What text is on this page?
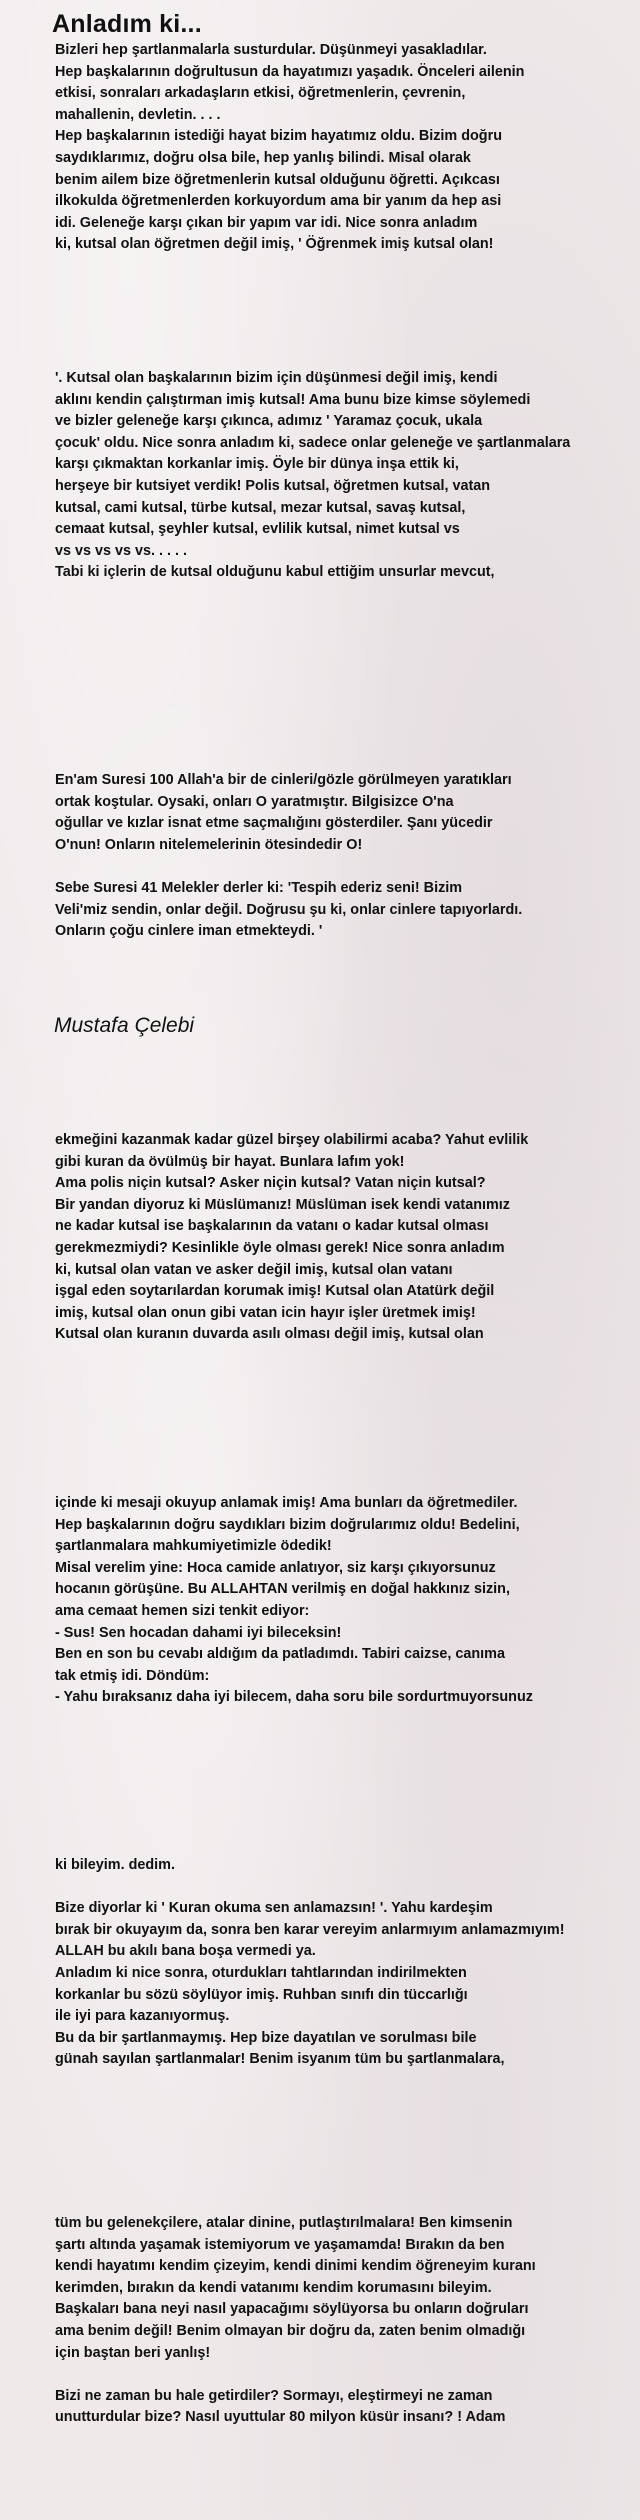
Anladım ki...
Bizleri hep şartlanmalarla susturdular. Düşünmeyi yasakladılar.
Hep başkalarının doğrultusun da hayatımızı yaşadık. Önceleri ailenin
etkisi, sonraları arkadaşların etkisi, öğretmenlerin, çevrenin,
mahallenin, devletin. . . .
Hep başkalarının istediği hayat bizim hayatımız oldu. Bizim doğru
saydıklarımız, doğru olsa bile, hep yanlış bilindi. Misal olarak
benim ailem bize öğretmenlerin kutsal olduğunu öğretti. Açıkcası
ilkokulda öğretmenlerden korkuyordum ama bir yanım da hep asi
idi. Geleneğe karşı çıkan bir yapım var idi. Nice sonra anladım
ki, kutsal olan öğretmen değil imiş, ' Öğrenmek imiş kutsal olan!
'. Kutsal olan başkalarının bizim için düşünmesi değil imiş, kendi
aklını kendin çalıştırman imiş kutsal! Ama bunu bize kimse söylemedi
ve bizler geleneğe karşı çıkınca, adımız ' Yaramaz çocuk, ukala
çocuk' oldu. Nice sonra anladım ki, sadece onlar geleneğe ve şartlanmalara
karşı çıkmaktan korkanlar imiş. Öyle bir dünya inşa ettik ki,
herşeye bir kutsiyet verdik! Polis kutsal, öğretmen kutsal, vatan
kutsal, cami kutsal, türbe kutsal, mezar kutsal, savaş kutsal,
cemaat kutsal, şeyhler kutsal, evlilik kutsal, nimet kutsal vs
vs vs vs vs vs. . . . .
Tabi ki içlerin de kutsal olduğunu kabul ettiğim unsurlar mevcut,
En'am Suresi 100 Allah'a bir de cinleri/gözle görülmeyen yaratıkları
ortak koştular. Oysaki, onları O yaratmıştır. Bilgisizce O'na
oğullar ve kızlar isnat etme saçmalığını gösterdiler. Şanı yücedir
O'nun! Onların nitelemelerinin ötesindedir O!
Sebe Suresi 41 Melekler derler ki: 'Tespih ederiz seni! Bizim
Veli'miz sendin, onlar değil. Doğrusu şu ki, onlar cinlere tapıyorlardı.
Onların çoğu cinlere iman etmekteydi. '
Mustafa Çelebi
ekmeğini kazanmak kadar güzel birşey olabilirmi acaba? Yahut evlilik
gibi kuran da övülmüş bir hayat. Bunlara lafım yok!
Ama polis niçin kutsal? Asker niçin kutsal? Vatan niçin kutsal?
Bir yandan diyoruz ki Müslümanız! Müslüman isek kendi vatanımız
ne kadar kutsal ise başkalarının da vatanı o kadar kutsal olması
gerekmezmiydi? Kesinlikle öyle olması gerek! Nice sonra anladım
ki, kutsal olan vatan ve asker değil imiş, kutsal olan vatanı
işgal eden soytarılardan korumak imiş! Kutsal olan Atatürk değil
imiş, kutsal olan onun gibi vatan icin hayır işler üretmek imiş!
Kutsal olan kuranın duvarda asılı olması değil imiş, kutsal olan
içinde ki mesaji okuyup anlamak imiş! Ama bunları da öğretmediler.
Hep başkalarının doğru saydıkları bizim doğrularımız oldu! Bedelini,
şartlanmalara mahkumiyetimizle ödedik!
Misal verelim yine: Hoca camide anlatıyor, siz karşı çıkıyorsunuz
hocanın görüşüne. Bu ALLAHTAN verilmiş en doğal hakkınız sizin,
ama cemaat hemen sizi tenkit ediyor:
- Sus! Sen hocadan dahami iyi bileceksin!
Ben en son bu cevabı aldığım da patladımdı. Tabiri caizse, canıma
tak etmiş idi. Döndüm:
- Yahu bıraksanız daha iyi bilecem, daha soru bile sordurtmuyorsunuz
ki bileyim. dedim.
Bize diyorlar ki ' Kuran okuma sen anlamazsın! '. Yahu kardeşim
bırak bir okuyayım da, sonra ben karar vereyim anlarmıyım anlamazmıyım!
ALLAH bu akılı bana boşa vermedi ya.
Anladım ki nice sonra, oturdukları tahtlarından indirilmekten
korkanlar bu sözü söylüyor imiş. Ruhban sınıfı din tüccarlığı
ile iyi para kazanıyormuş.
Bu da bir şartlanmaymış. Hep bize dayatılan ve sorulması bile
günah sayılan şartlanmalar! Benim isyanım tüm bu şartlanmalara,
tüm bu gelenekçilere, atalar dinine, putlaştırılmalara! Ben kimsenin
şartı altında yaşamak istemiyorum ve yaşamamda! Bırakın da ben
kendi hayatımı kendim çizeyim, kendi dinimi kendim öğreneyim kuranı
kerimden, bırakın da kendi vatanımı kendim korumasını bileyim.
Başkaları bana neyi nasıl yapacağımı söylüyorsa bu onların doğruları
ama benim değil! Benim olmayan bir doğru da, zaten benim olmadığı
için baştan beri yanlış!
Bizi ne zaman bu hale getirdiler? Sormayı, eleştirmeyi ne zaman
unutturdular bize? Nasıl uyuttular 80 milyon küsür insanı? ! Adam
